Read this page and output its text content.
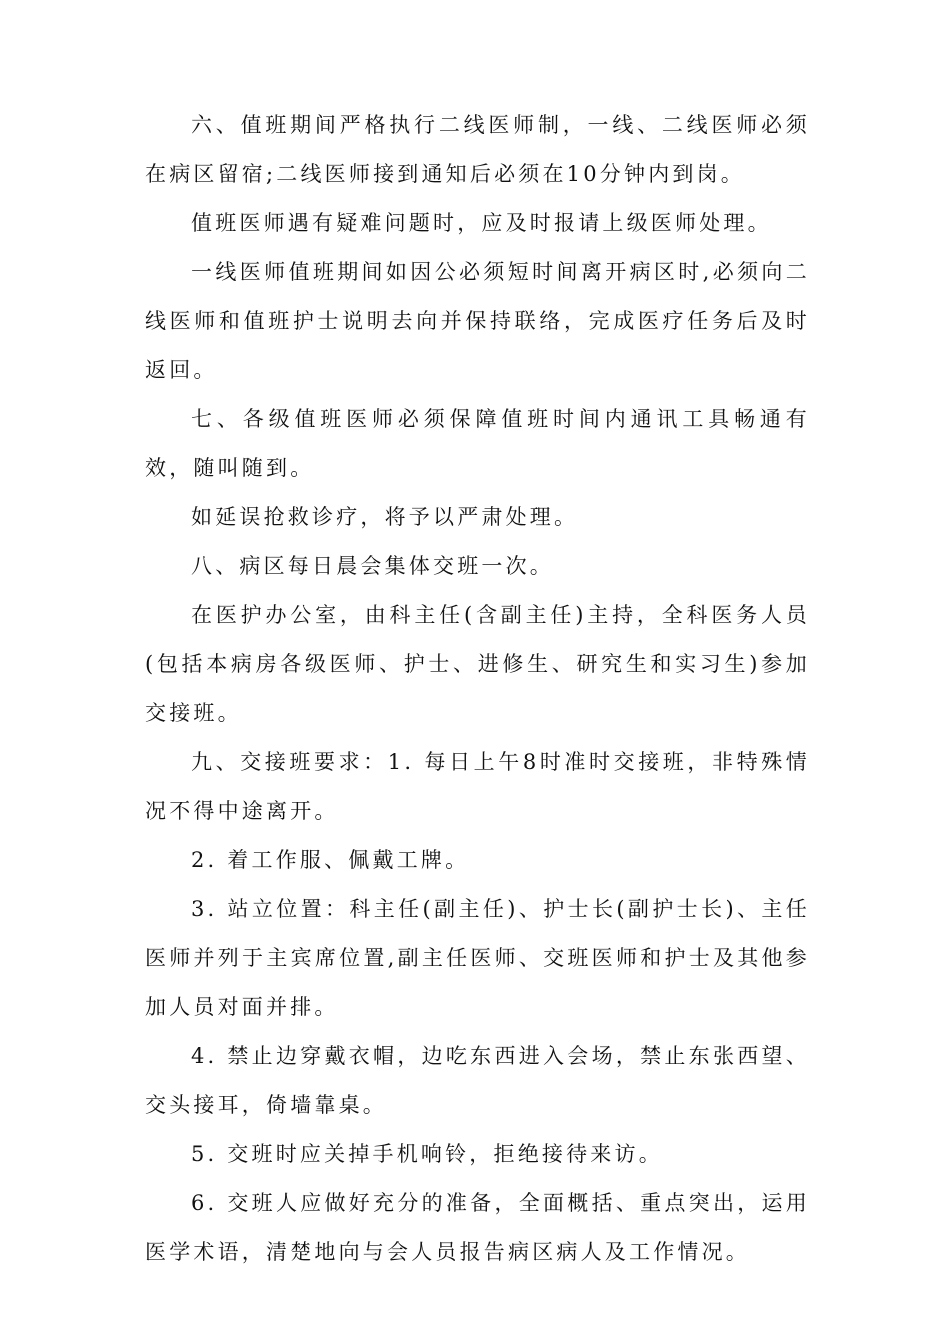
六、值班期间严格执行二线医师制，一线、二线医师必须在病区留宿;二线医师接到通知后必须在10分钟内到岗。

值班医师遇有疑难问题时，应及时报请上级医师处理。

一线医师值班期间如因公必须短时间离开病区时,必须向二线医师和值班护士说明去向并保持联络，完成医疗任务后及时返回。

七、各级值班医师必须保障值班时间内通讯工具畅通有效，随叫随到。

如延误抢救诊疗，将予以严肃处理。

八、病区每日晨会集体交班一次。

在医护办公室，由科主任(含副主任)主持，全科医务人员(包括本病房各级医师、护士、进修生、研究生和实习生)参加交接班。

九、交接班要求：1. 每日上午8时准时交接班，非特殊情况不得中途离开。

2. 着工作服、佩戴工牌。

3. 站立位置：科主任(副主任)、护士长(副护士长)、主任医师并列于主宾席位置,副主任医师、交班医师和护士及其他参加人员对面并排。

4. 禁止边穿戴衣帽，边吃东西进入会场，禁止东张西望、交头接耳，倚墙靠桌。

5. 交班时应关掉手机响铃，拒绝接待来访。

6. 交班人应做好充分的准备，全面概括、重点突出，运用医学术语，清楚地向与会人员报告病区病人及工作情况。
